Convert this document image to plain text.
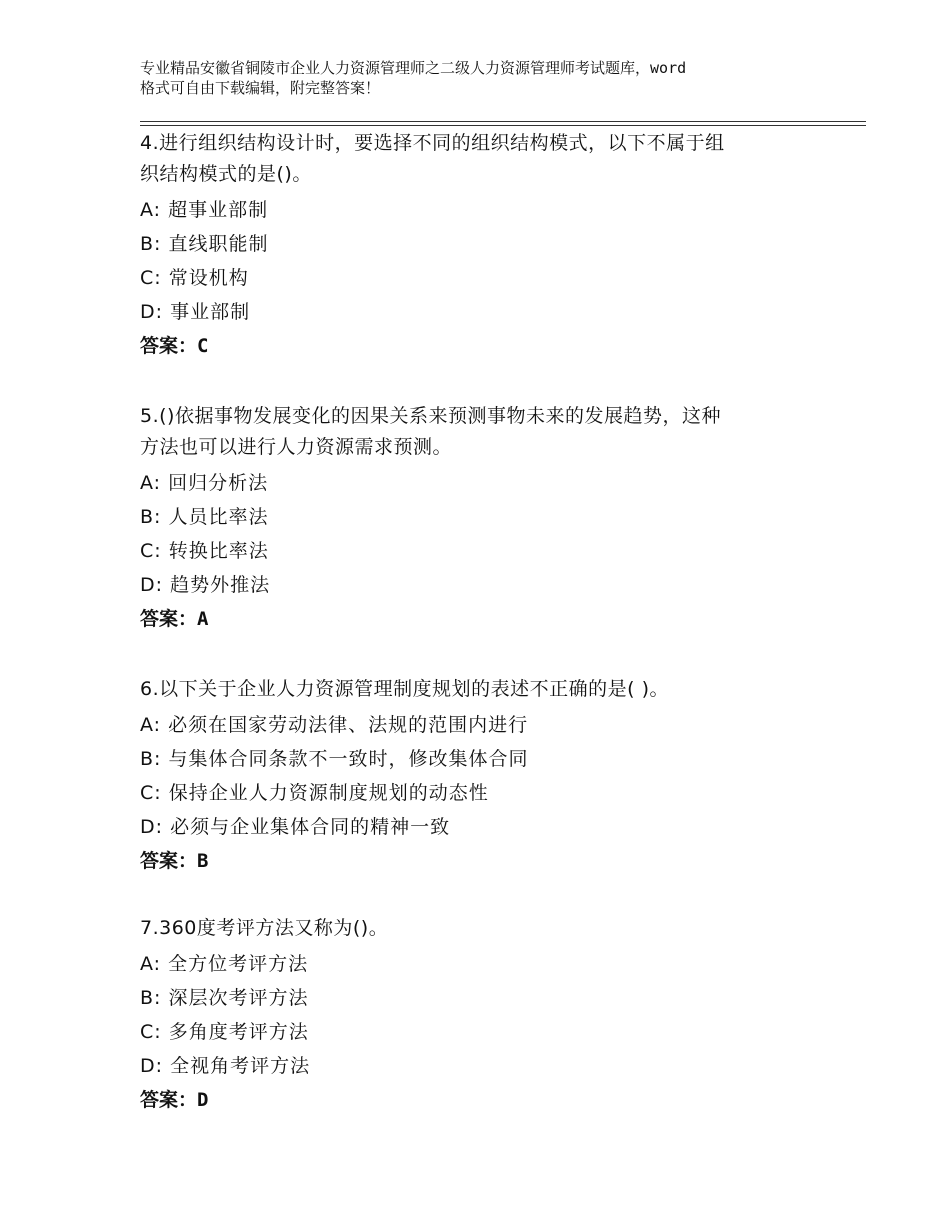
专业精品安徽省铜陵市企业人力资源管理师之二级人力资源管理师考试题库，word
格式可自由下载编辑，附完整答案！
4.进行组织结构设计时，要选择不同的组织结构模式，以下不属于组
织结构模式的是()。
A: 超事业部制
B: 直线职能制
C: 常设机构
D: 事业部制
答案：C
5.()依据事物发展变化的因果关系来预测事物未来的发展趋势，这种
方法也可以进行人力资源需求预测。
A: 回归分析法
B: 人员比率法
C: 转换比率法
D: 趋势外推法
答案：A
6.以下关于企业人力资源管理制度规划的表述不正确的是( )。
A: 必须在国家劳动法律、法规的范围内进行
B: 与集体合同条款不一致时，修改集体合同
C: 保持企业人力资源制度规划的动态性
D: 必须与企业集体合同的精神一致
答案：B
7.360度考评方法又称为()。
A: 全方位考评方法
B: 深层次考评方法
C: 多角度考评方法
D: 全视角考评方法
答案：D
